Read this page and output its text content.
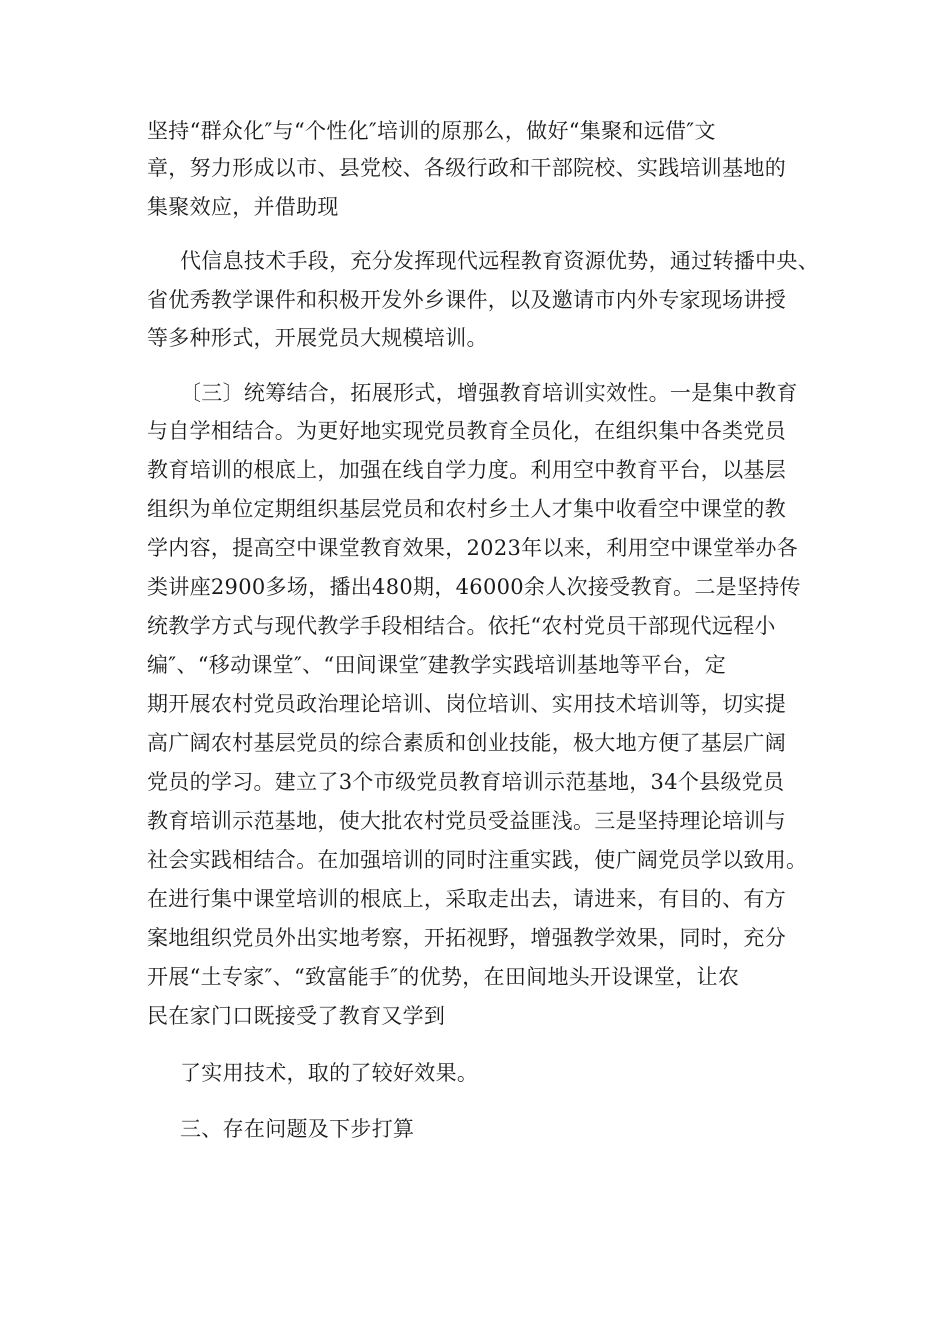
坚持“群众化″与“个性化″培训的原那么，做好“集聚和远借″文
章，努力形成以市、县党校、各级行政和干部院校、实践培训基地的
集聚效应，并借助现
代信息技术手段，充分发挥现代远程教育资源优势，通过转播中央、
省优秀教学课件和积极开发外乡课件，以及邀请市内外专家现场讲授
等多种形式，开展党员大规模培训。
〔三〕统筹结合，拓展形式，增强教育培训实效性。一是集中教育
与自学相结合。为更好地实现党员教育全员化，在组织集中各类党员
教育培训的根底上，加强在线自学力度。利用空中教育平台，以基层
组织为单位定期组织基层党员和农村乡土人才集中收看空中课堂的教
学内容，提高空中课堂教育效果，2023年以来，利用空中课堂举办各
类讲座2900多场，播出480期，46000余人次接受教育。二是坚持传
统教学方式与现代教学手段相结合。依托“农村党员干部现代远程小
编″、“移动课堂″、“田间课堂″建教学实践培训基地等平台，定
期开展农村党员政治理论培训、岗位培训、实用技术培训等，切实提
高广阔农村基层党员的综合素质和创业技能，极大地方便了基层广阔
党员的学习。建立了3个市级党员教育培训示范基地，34个县级党员
教育培训示范基地，使大批农村党员受益匪浅。三是坚持理论培训与
社会实践相结合。在加强培训的同时注重实践，使广阔党员学以致用。
在进行集中课堂培训的根底上，采取走出去，请进来，有目的、有方
案地组织党员外出实地考察，开拓视野，增强教学效果，同时，充分
开展“土专家″、“致富能手″的优势，在田间地头开设课堂，让农
民在家门口既接受了教育又学到
了实用技术，取的了较好效果。
三、存在问题及下步打算
